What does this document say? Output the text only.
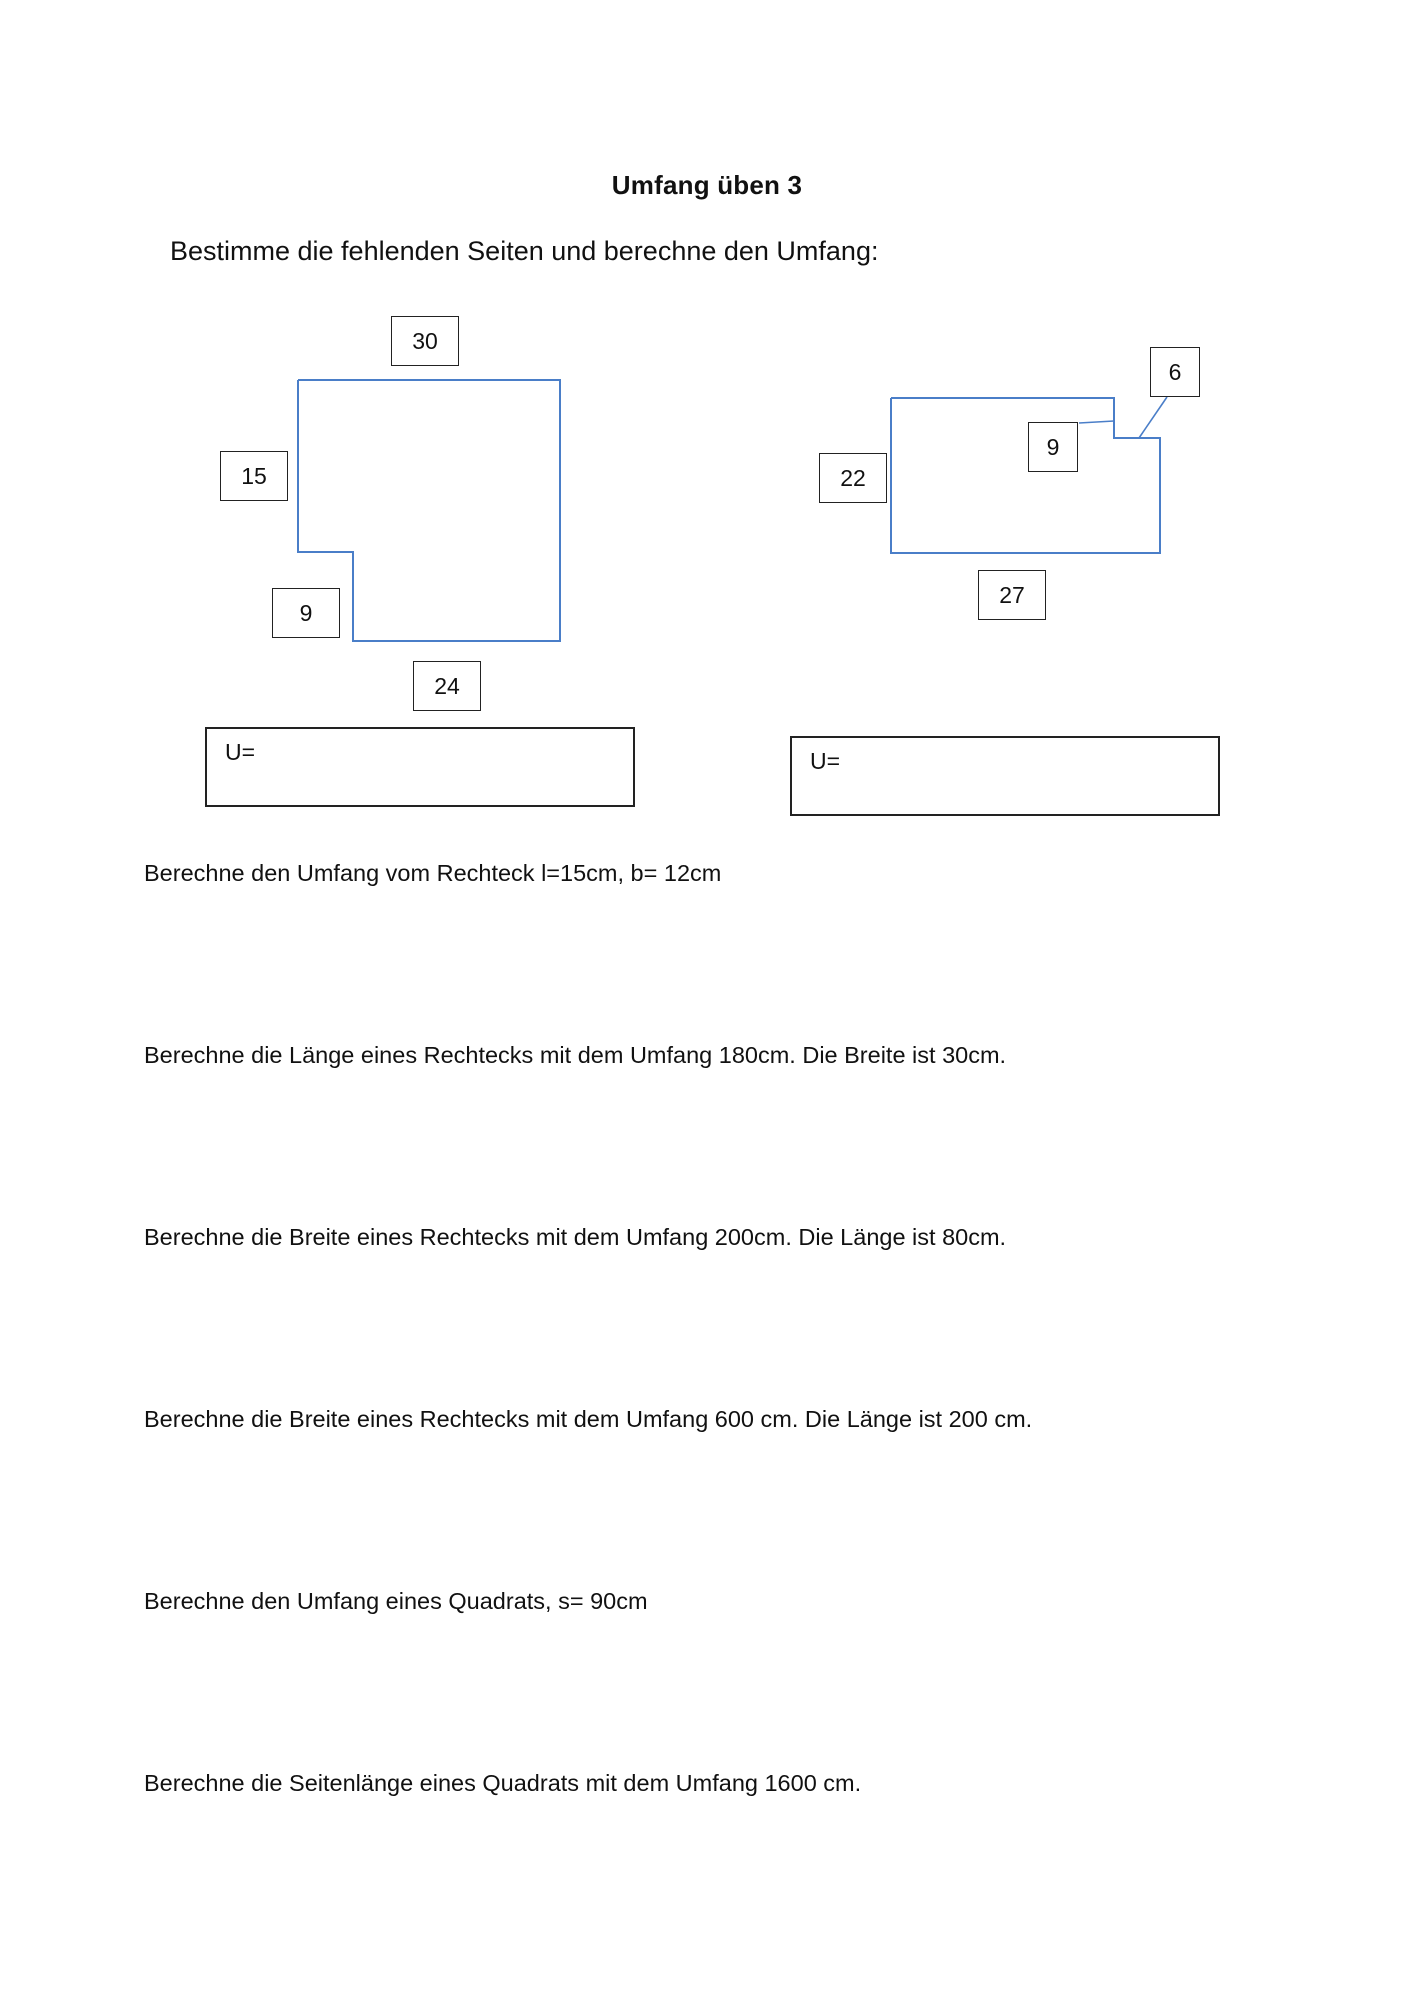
Umfang üben 3
Bestimme die fehlenden Seiten und berechne den Umfang:
30
15
9
24
U=
6
9
22
27
U=
Berechne den Umfang vom Rechteck l=15cm, b= 12cm
Berechne die Länge eines Rechtecks mit dem Umfang 180cm. Die Breite ist 30cm.
Berechne die Breite eines Rechtecks mit dem Umfang 200cm. Die Länge ist 80cm.
Berechne die Breite eines Rechtecks mit dem Umfang 600 cm. Die Länge ist 200 cm.
Berechne den Umfang eines Quadrats, s= 90cm
Berechne die Seitenlänge eines Quadrats mit dem Umfang 1600 cm.
